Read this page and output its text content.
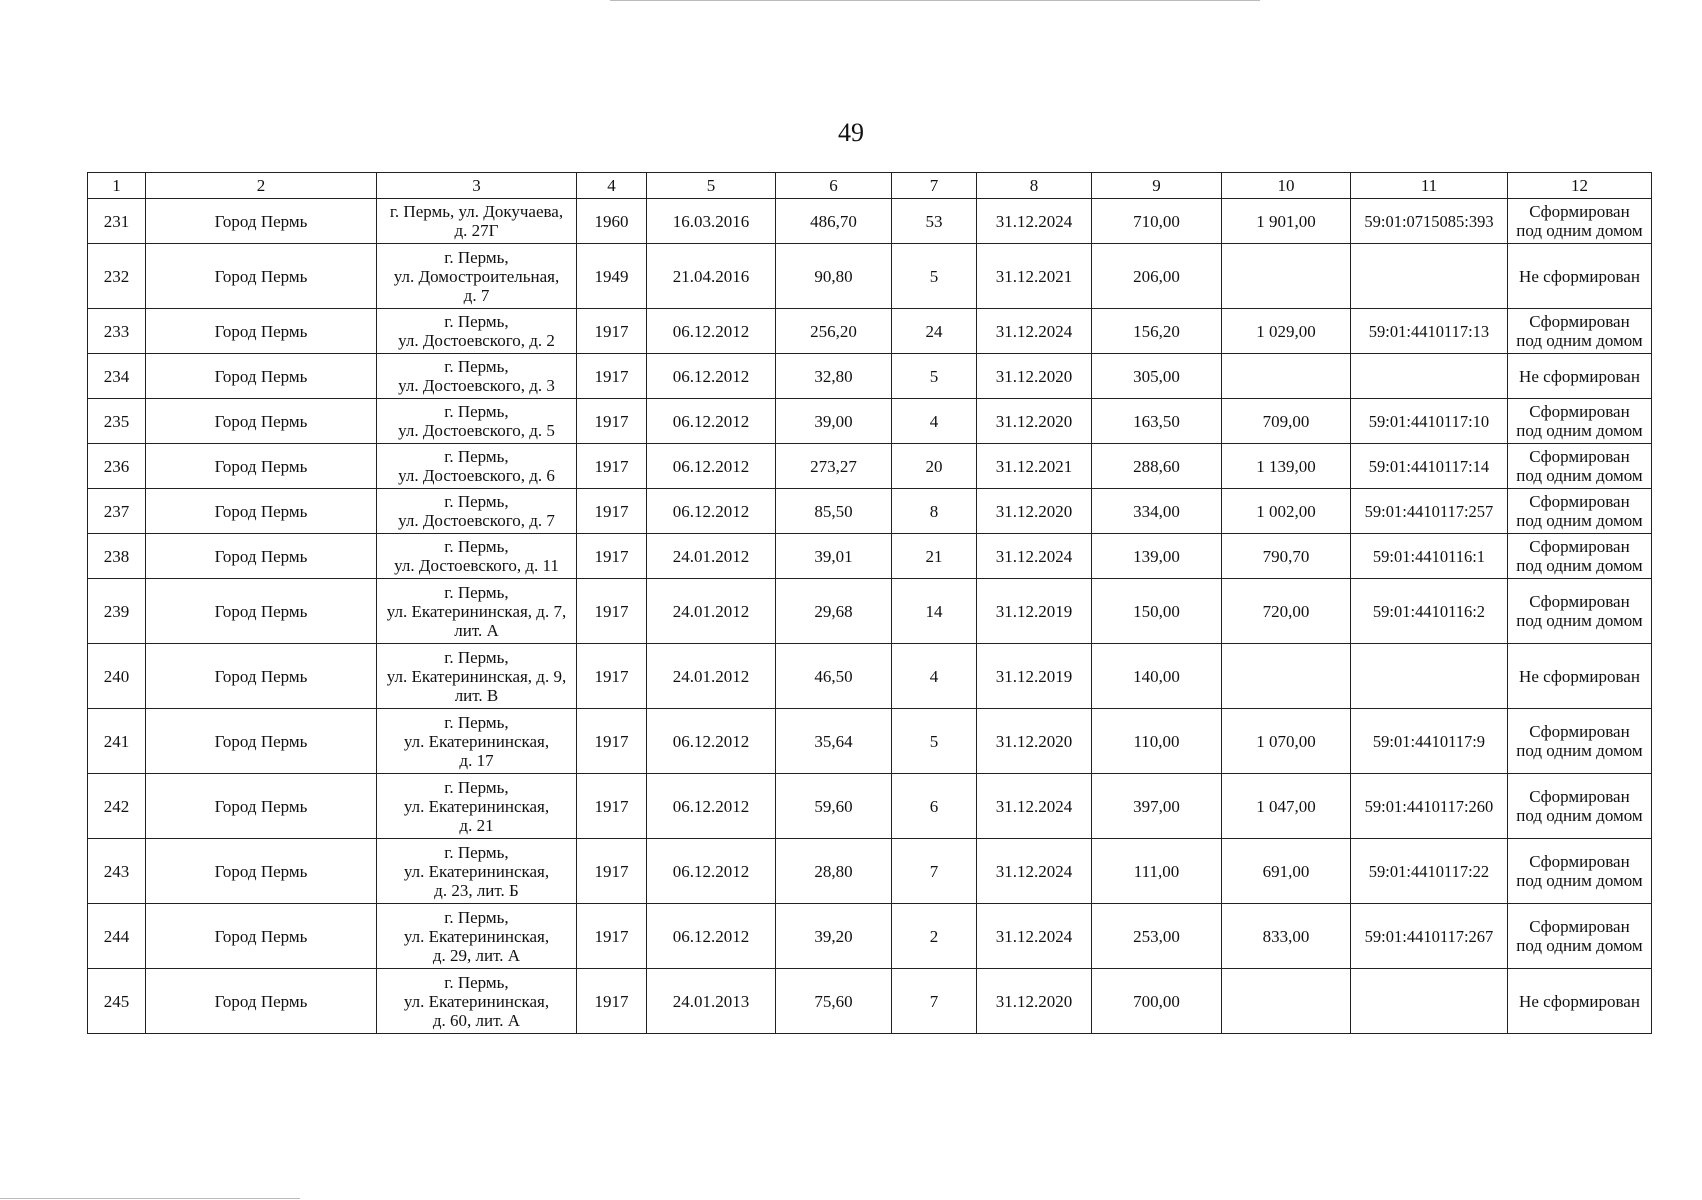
49
1	2	3	4	5	6	7	8	9	10	11	12
231	Город Пермь	г. Пермь, ул. Докучаева,
д. 27Г	1960	16.03.2016	486,70	53	31.12.2024	710,00	1 901,00	59:01:0715085:393	Сформирован
под одним домом
232	Город Пермь	г. Пермь,
ул. Домостроительная,
д. 7	1949	21.04.2016	90,80	5	31.12.2021	206,00			Не сформирован
233	Город Пермь	г. Пермь,
ул. Достоевского, д. 2	1917	06.12.2012	256,20	24	31.12.2024	156,20	1 029,00	59:01:4410117:13	Сформирован
под одним домом
234	Город Пермь	г. Пермь,
ул. Достоевского, д. 3	1917	06.12.2012	32,80	5	31.12.2020	305,00			Не сформирован
235	Город Пермь	г. Пермь,
ул. Достоевского, д. 5	1917	06.12.2012	39,00	4	31.12.2020	163,50	709,00	59:01:4410117:10	Сформирован
под одним домом
236	Город Пермь	г. Пермь,
ул. Достоевского, д. 6	1917	06.12.2012	273,27	20	31.12.2021	288,60	1 139,00	59:01:4410117:14	Сформирован
под одним домом
237	Город Пермь	г. Пермь,
ул. Достоевского, д. 7	1917	06.12.2012	85,50	8	31.12.2020	334,00	1 002,00	59:01:4410117:257	Сформирован
под одним домом
238	Город Пермь	г. Пермь,
ул. Достоевского, д. 11	1917	24.01.2012	39,01	21	31.12.2024	139,00	790,70	59:01:4410116:1	Сформирован
под одним домом
239	Город Пермь	г. Пермь,
ул. Екатерининская, д. 7,
лит. А	1917	24.01.2012	29,68	14	31.12.2019	150,00	720,00	59:01:4410116:2	Сформирован
под одним домом
240	Город Пермь	г. Пермь,
ул. Екатерининская, д. 9,
лит. В	1917	24.01.2012	46,50	4	31.12.2019	140,00			Не сформирован
241	Город Пермь	г. Пермь,
ул. Екатерининская,
д. 17	1917	06.12.2012	35,64	5	31.12.2020	110,00	1 070,00	59:01:4410117:9	Сформирован
под одним домом
242	Город Пермь	г. Пермь,
ул. Екатерининская,
д. 21	1917	06.12.2012	59,60	6	31.12.2024	397,00	1 047,00	59:01:4410117:260	Сформирован
под одним домом
243	Город Пермь	г. Пермь,
ул. Екатерининская,
д. 23, лит. Б	1917	06.12.2012	28,80	7	31.12.2024	111,00	691,00	59:01:4410117:22	Сформирован
под одним домом
244	Город Пермь	г. Пермь,
ул. Екатерининская,
д. 29, лит. А	1917	06.12.2012	39,20	2	31.12.2024	253,00	833,00	59:01:4410117:267	Сформирован
под одним домом
245	Город Пермь	г. Пермь,
ул. Екатерининская,
д. 60, лит. А	1917	24.01.2013	75,60	7	31.12.2020	700,00			Не сформирован
